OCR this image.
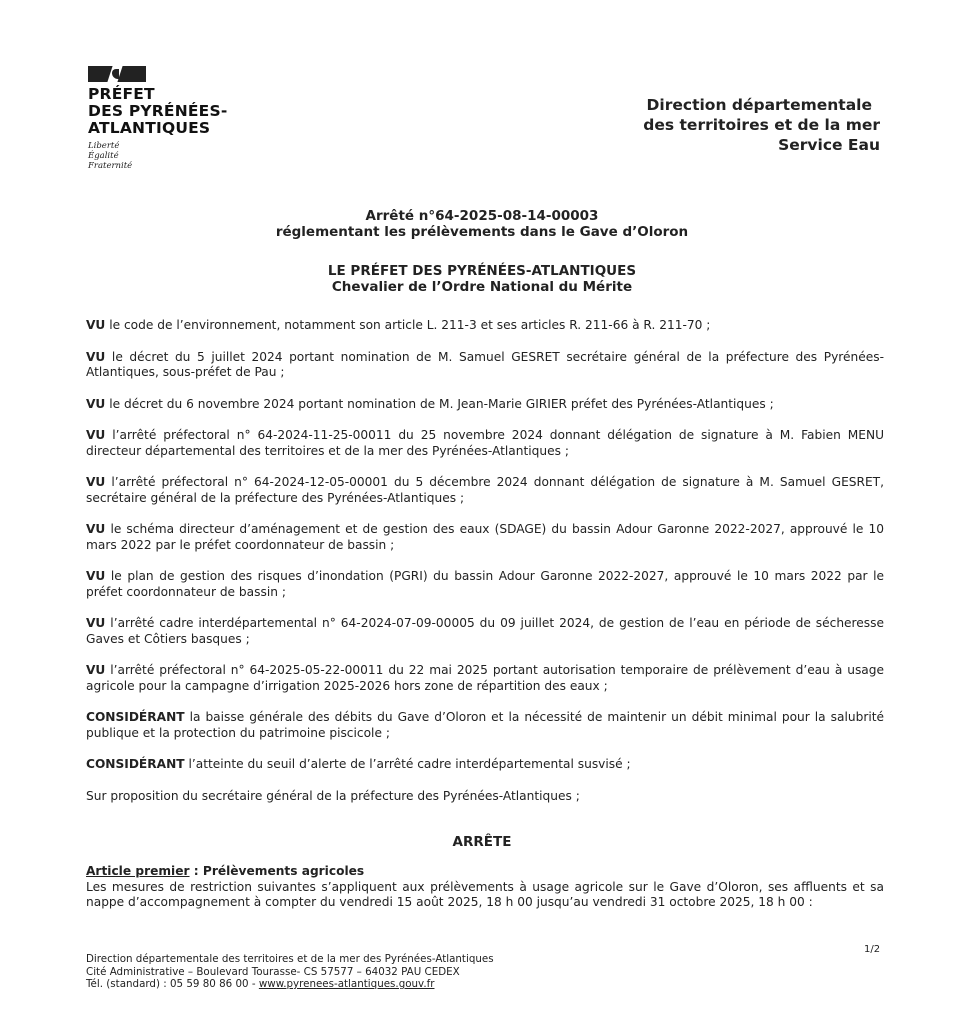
PRÉFET
DES PYRÉNÉES-
ATLANTIQUES
Liberté
Égalité
Fraternité
Direction départementale
des territoires et de la mer
Service Eau
Arrêté n°64-2025-08-14-00003
réglementant les prélèvements dans le Gave d’Oloron
LE PRÉFET DES PYRÉNÉES-ATLANTIQUES
Chevalier de l’Ordre National du Mérite

VU le code de l’environnement, notamment son article L. 211-3 et ses articles R. 211-66 à R. 211-70 ;

VU le décret du 5 juillet 2024 portant nomination de M. Samuel GESRET secrétaire général de la préfecture des Pyrénées-Atlantiques, sous-préfet de Pau ;

VU le décret du 6 novembre 2024 portant nomination de M. Jean-Marie GIRIER préfet des Pyrénées-Atlantiques ;

VU l’arrêté préfectoral n° 64-2024-11-25-00011 du 25 novembre 2024 donnant délégation de signature à M. Fabien MENU directeur départemental des territoires et de la mer des Pyrénées-Atlantiques ;

VU l’arrêté préfectoral n° 64-2024-12-05-00001 du 5 décembre 2024 donnant délégation de signature à M. Samuel GESRET, secrétaire général de la préfecture des Pyrénées-Atlantiques ;

VU le schéma directeur d’aménagement et de gestion des eaux (SDAGE) du bassin Adour Garonne 2022-2027, approuvé le 10 mars 2022 par le préfet coordonnateur de bassin ;

VU le plan de gestion des risques d’inondation (PGRI) du bassin Adour Garonne 2022-2027, approuvé le 10 mars 2022 par le préfet coordonnateur de bassin ;

VU l’arrêté cadre interdépartemental n° 64-2024-07-09-00005 du 09 juillet 2024, de gestion de l’eau en période de sécheresse Gaves et Côtiers basques ;

VU l’arrêté préfectoral n° 64-2025-05-22-00011 du 22 mai 2025 portant autorisation temporaire de prélèvement d’eau à usage agricole pour la campagne d’irrigation 2025-2026 hors zone de répartition des eaux ;

CONSIDÉRANT la baisse générale des débits du Gave d’Oloron et la nécessité de maintenir un débit minimal pour la salubrité publique et la protection du patrimoine piscicole ;

CONSIDÉRANT l’atteinte du seuil d’alerte de l’arrêté cadre interdépartemental susvisé ;

Sur proposition du secrétaire général de la préfecture des Pyrénées-Atlantiques ;

ARRÊTE
Article premier : Prélèvements agricoles
Les mesures de restriction suivantes s’appliquent aux prélèvements à usage agricole sur le Gave d’Oloron, ses affluents et sa nappe d’accompagnement à compter du vendredi 15 août 2025, 18 h 00 jusqu’au vendredi 31 octobre 2025, 18 h 00 :
1/2
Direction départementale des territoires et de la mer des Pyrénées-Atlantiques
Cité Administrative – Boulevard Tourasse- CS 57577 – 64032 PAU CEDEX
Tél. (standard) : 05 59 80 86 00 - www.pyrenees-atlantiques.gouv.fr
